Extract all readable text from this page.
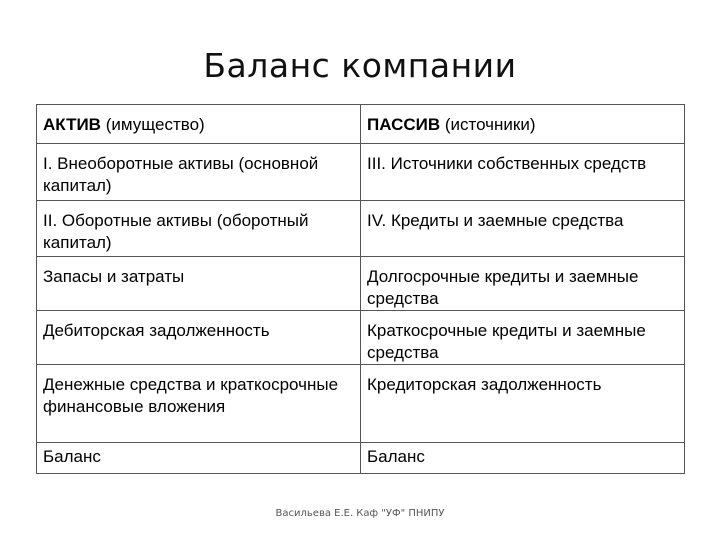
Баланс компании
АКТИВ (имущество)	ПАССИВ (источники)
I. Внеоборотные активы (основной капитал)	III. Источники собственных средств
II. Оборотные активы (оборотный капитал)	IV. Кредиты и заемные средства
Запасы и затраты	Долгосрочные кредиты и заемные средства
Дебиторская задолженность	Краткосрочные кредиты и заемные средства
Денежные средства и краткосрочные финансовые вложения	Кредиторская задолженность
Баланс	Баланс
Васильева Е.Е. Каф "УФ" ПНИПУ
